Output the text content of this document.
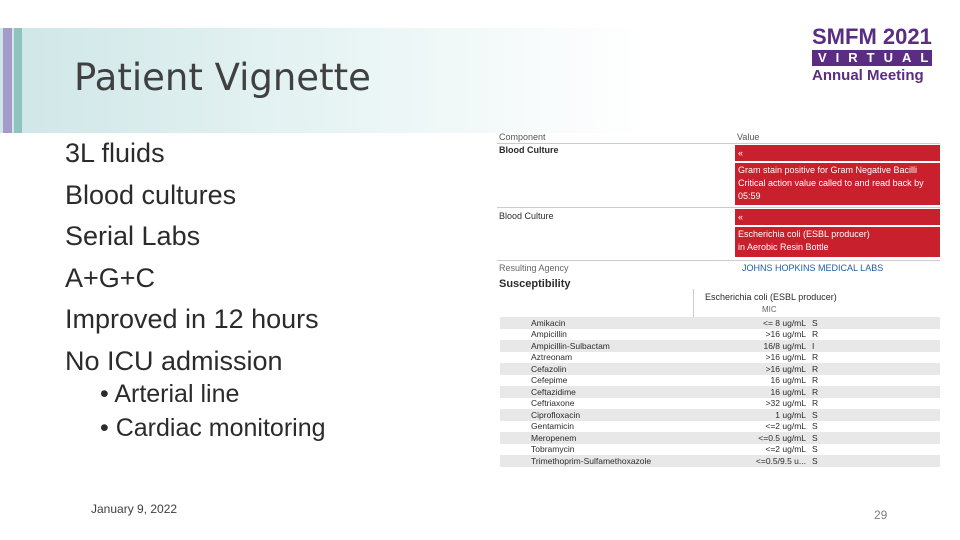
Patient Vignette
SMFM 2021
VIRTUAL
Annual Meeting
3L fluids
Blood cultures
Serial Labs
A+G+C
Improved in 12 hours
No ICU admission
• Arterial line
• Cardiac monitoring
Component	Value
Blood Culture	«
Gram stain positive for Gram Negative Bacilli
Critical action value called to and read back by
05:59
Blood Culture	«
Escherichia coli (ESBL producer)
in Aerobic Resin Bottle
Resulting Agency	JOHNS HOPKINS MEDICAL LABS
Susceptibility
Escherichia coli (ESBL producer)
MIC
Amikacin	<= 8 ug/mL S
Ampicillin	>16 ug/mL R
Ampicillin-Sulbactam	16/8 ug/mL I
Aztreonam	>16 ug/mL R
Cefazolin	>16 ug/mL R
Cefepime	16 ug/mL R
Ceftazidime	16 ug/mL R
Ceftriaxone	>32 ug/mL R
Ciprofloxacin	1 ug/mL S
Gentamicin	<=2 ug/mL S
Meropenem	<=0.5 ug/mL S
Tobramycin	<=2 ug/mL S
Trimethoprim-Sulfamethoxazole	<=0.5/9.5 u... S
January 9, 2022	29
